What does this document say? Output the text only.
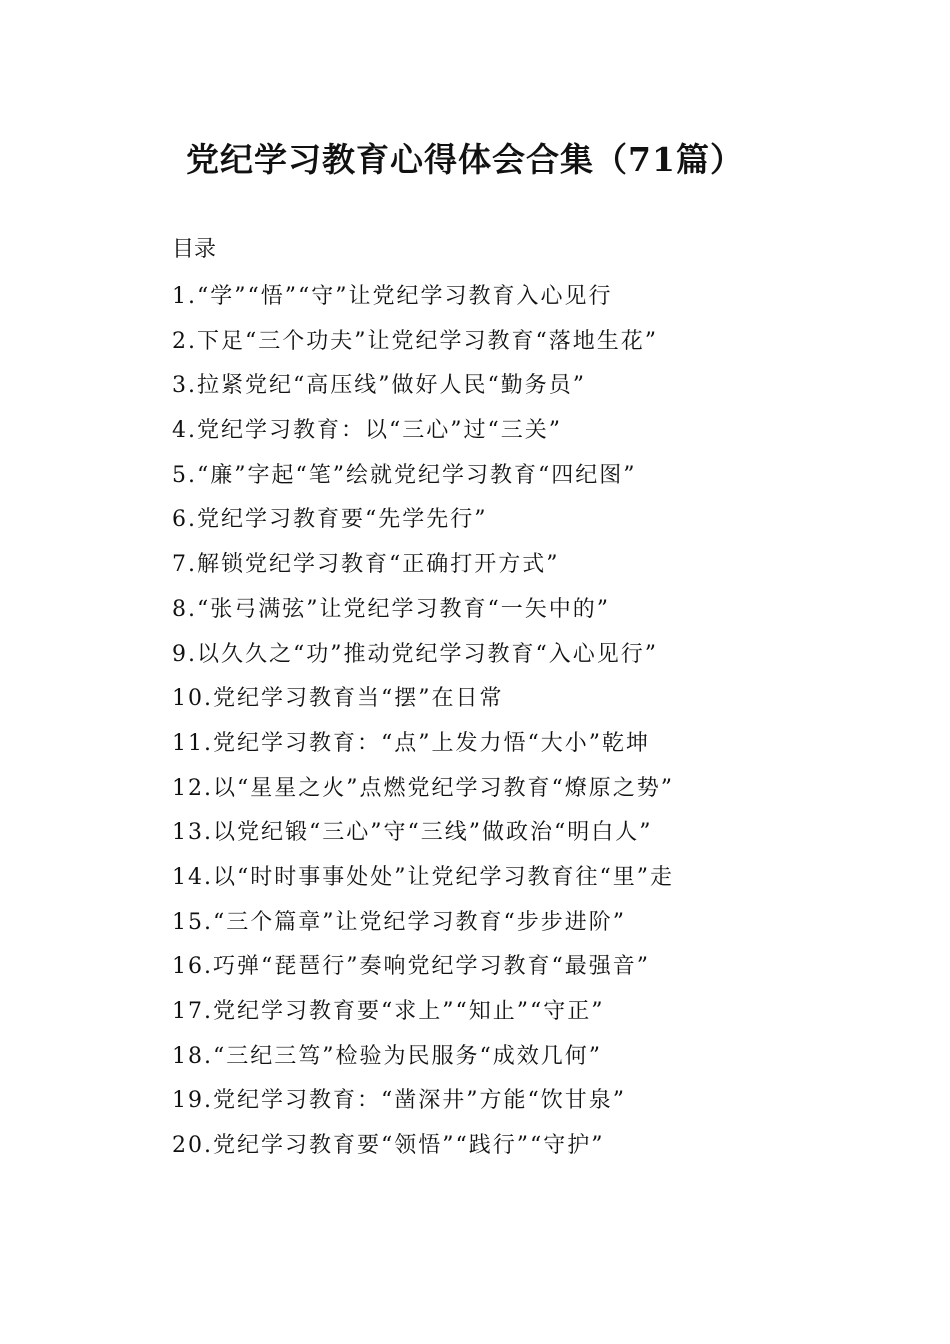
党纪学习教育心得体会合集（71篇）
目录
1.“学”“悟”“守”让党纪学习教育入心见行
2.下足“三个功夫”让党纪学习教育“落地生花”
3.拉紧党纪“高压线”做好人民“勤务员”
4.党纪学习教育：以“三心”过“三关”
5.“廉”字起“笔”绘就党纪学习教育“四纪图”
6.党纪学习教育要“先学先行”
7.解锁党纪学习教育“正确打开方式”
8.“张弓满弦”让党纪学习教育“一矢中的”
9.以久久之“功”推动党纪学习教育“入心见行”
10.党纪学习教育当“摆”在日常
11.党纪学习教育：“点”上发力悟“大小”乾坤
12.以“星星之火”点燃党纪学习教育“燎原之势”
13.以党纪锻“三心”守“三线”做政治“明白人”
14.以“时时事事处处”让党纪学习教育往“里”走
15.“三个篇章”让党纪学习教育“步步进阶”
16.巧弹“琵琶行”奏响党纪学习教育“最强音”
17.党纪学习教育要“求上”“知止”“守正”
18.“三纪三笃”检验为民服务“成效几何”
19.党纪学习教育：“凿深井”方能“饮甘泉”
20.党纪学习教育要“领悟”“践行”“守护”
